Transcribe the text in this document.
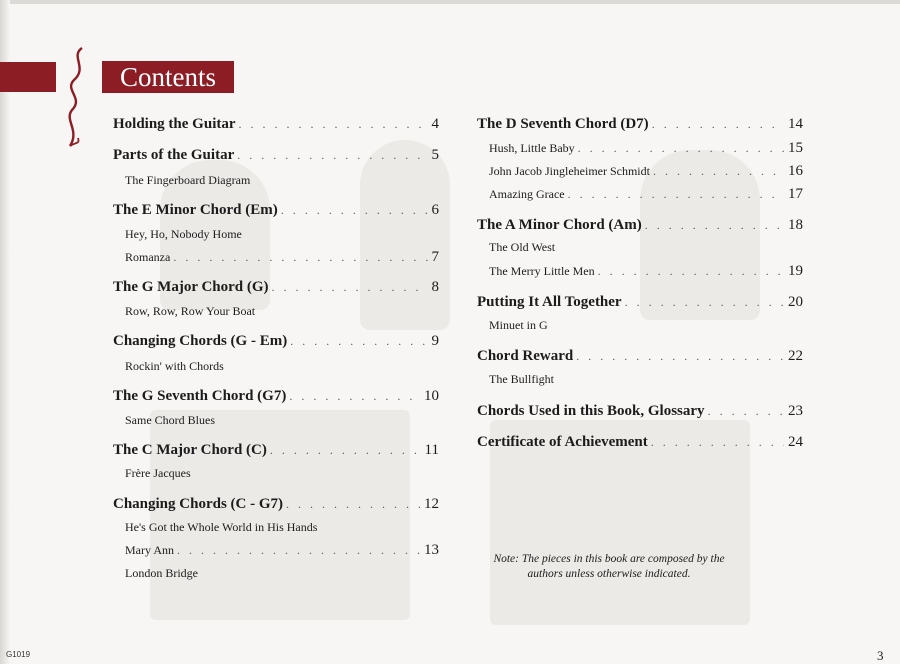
Contents
Holding the Guitar . . .	4
Parts of the Guitar . . .	5
The Fingerboard Diagram
The E Minor Chord (Em) . . .	6
Hey, Ho, Nobody Home
Romanza . . .	7
The G Major Chord (G) . . .	8
Row, Row, Row Your Boat
Changing Chords (G - Em) . . .	9
Rockin' with Chords
The G Seventh Chord (G7) . . .	10
Same Chord Blues
The C Major Chord (C) . . .	11
Frère Jacques
Changing Chords (C - G7) . . .	12
He's Got the Whole World in His Hands
Mary Ann . . .	13
London Bridge
The D Seventh Chord (D7) . . .	14
Hush, Little Baby . . .	15
John Jacob Jingleheimer Schmidt . . .	16
Amazing Grace . . .	17
The A Minor Chord (Am) . . .	18
The Old West
The Merry Little Men . . .	19
Putting It All Together . . .	20
Minuet in G
Chord Reward . . .	22
The Bullfight
Chords Used in this Book, Glossary . . .	23
Certificate of Achievement . . .	24
Note: The pieces in this book are composed by the authors unless otherwise indicated.
G1019	3
